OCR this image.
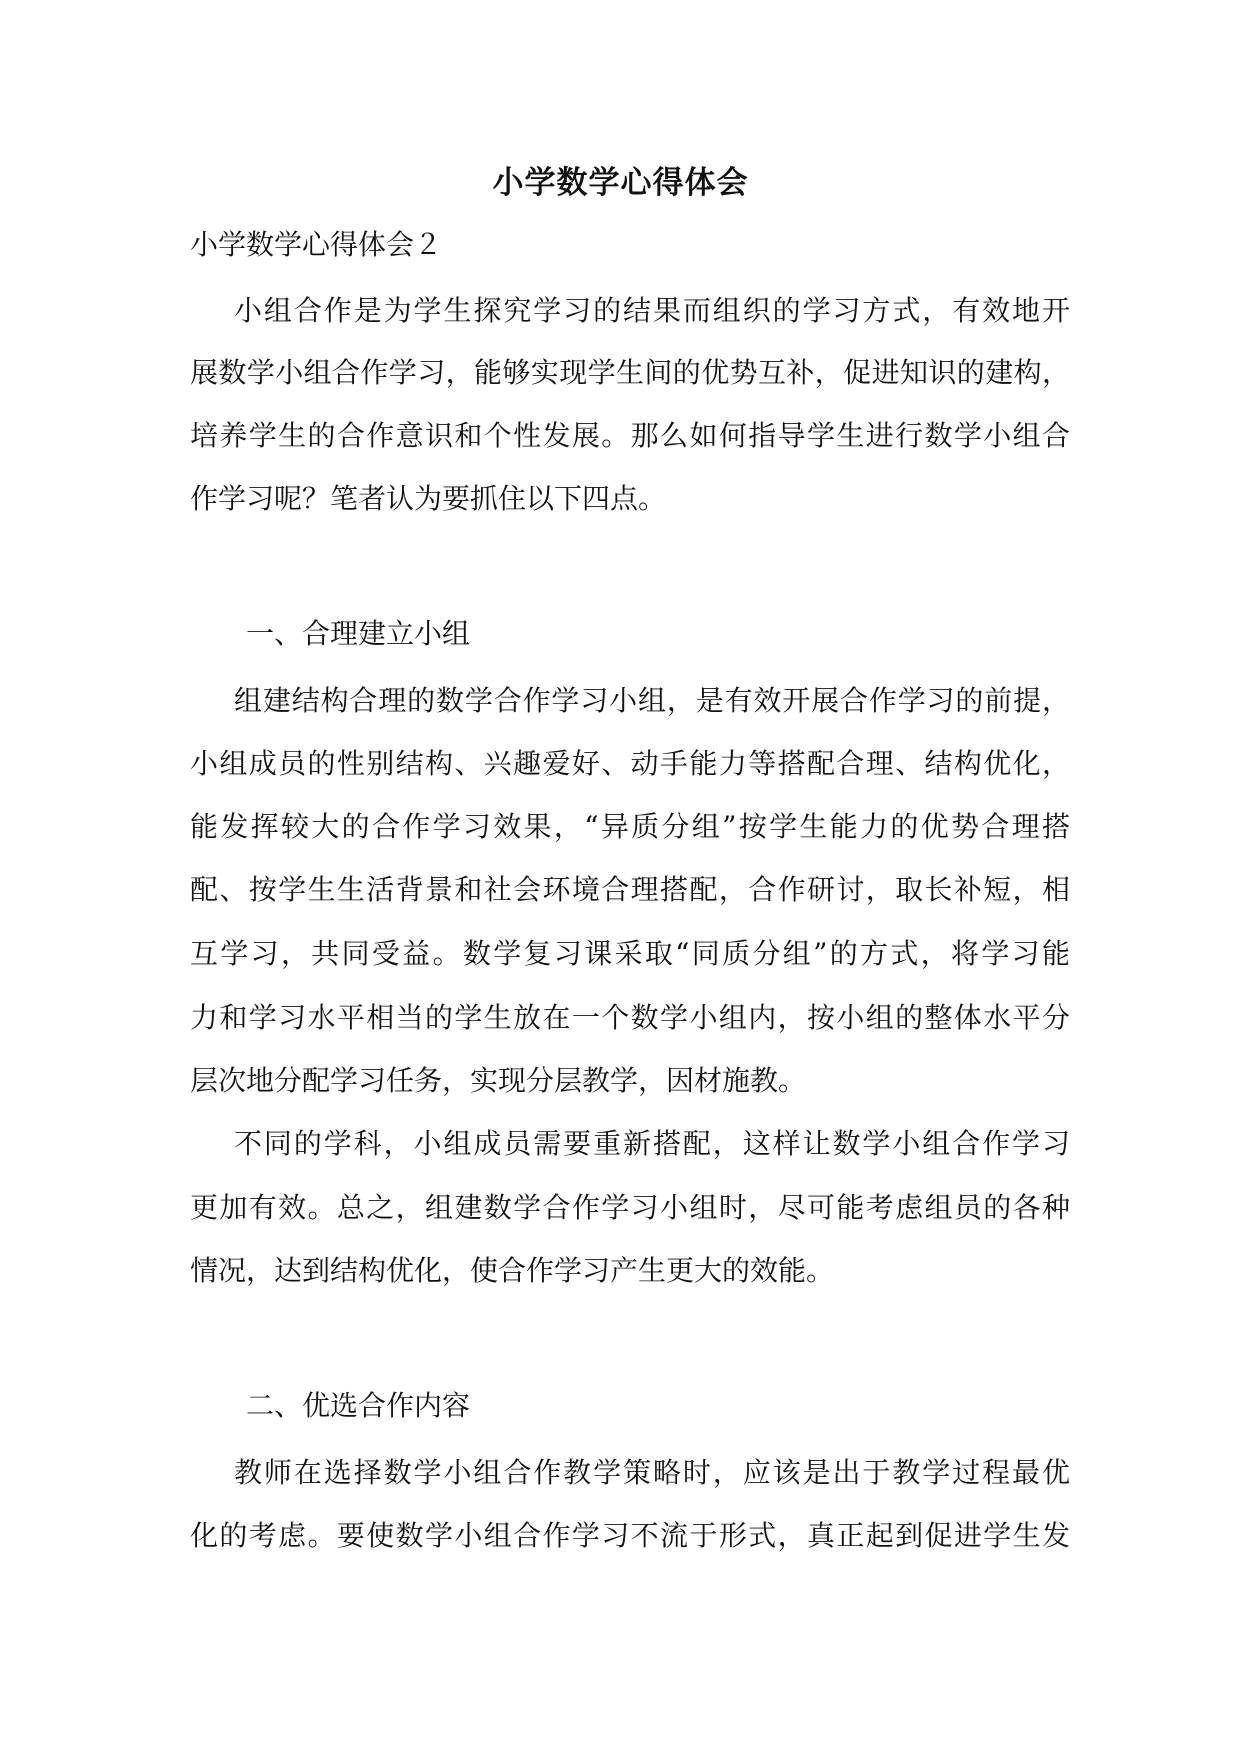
小学数学心得体会
小学数学心得体会２
小组合作是为学生探究学习的结果而组织的学习方式，有效地开
展数学小组合作学习，能够实现学生间的优势互补，促进知识的建构，
培养学生的合作意识和个性发展。那么如何指导学生进行数学小组合
作学习呢？笔者认为要抓住以下四点。
一、合理建立小组
组建结构合理的数学合作学习小组，是有效开展合作学习的前提，
小组成员的性别结构、兴趣爱好、动手能力等搭配合理、结构优化，
能发挥较大的合作学习效果，“异质分组”按学生能力的优势合理搭
配、按学生生活背景和社会环境合理搭配，合作研讨，取长补短，相
互学习，共同受益。数学复习课采取“同质分组”的方式，将学习能
力和学习水平相当的学生放在一个数学小组内，按小组的整体水平分
层次地分配学习任务，实现分层教学，因材施教。
不同的学科，小组成员需要重新搭配，这样让数学小组合作学习
更加有效。总之，组建数学合作学习小组时，尽可能考虑组员的各种
情况，达到结构优化，使合作学习产生更大的效能。
二、优选合作内容
教师在选择数学小组合作教学策略时，应该是出于教学过程最优
化的考虑。要使数学小组合作学习不流于形式，真正起到促进学生发
